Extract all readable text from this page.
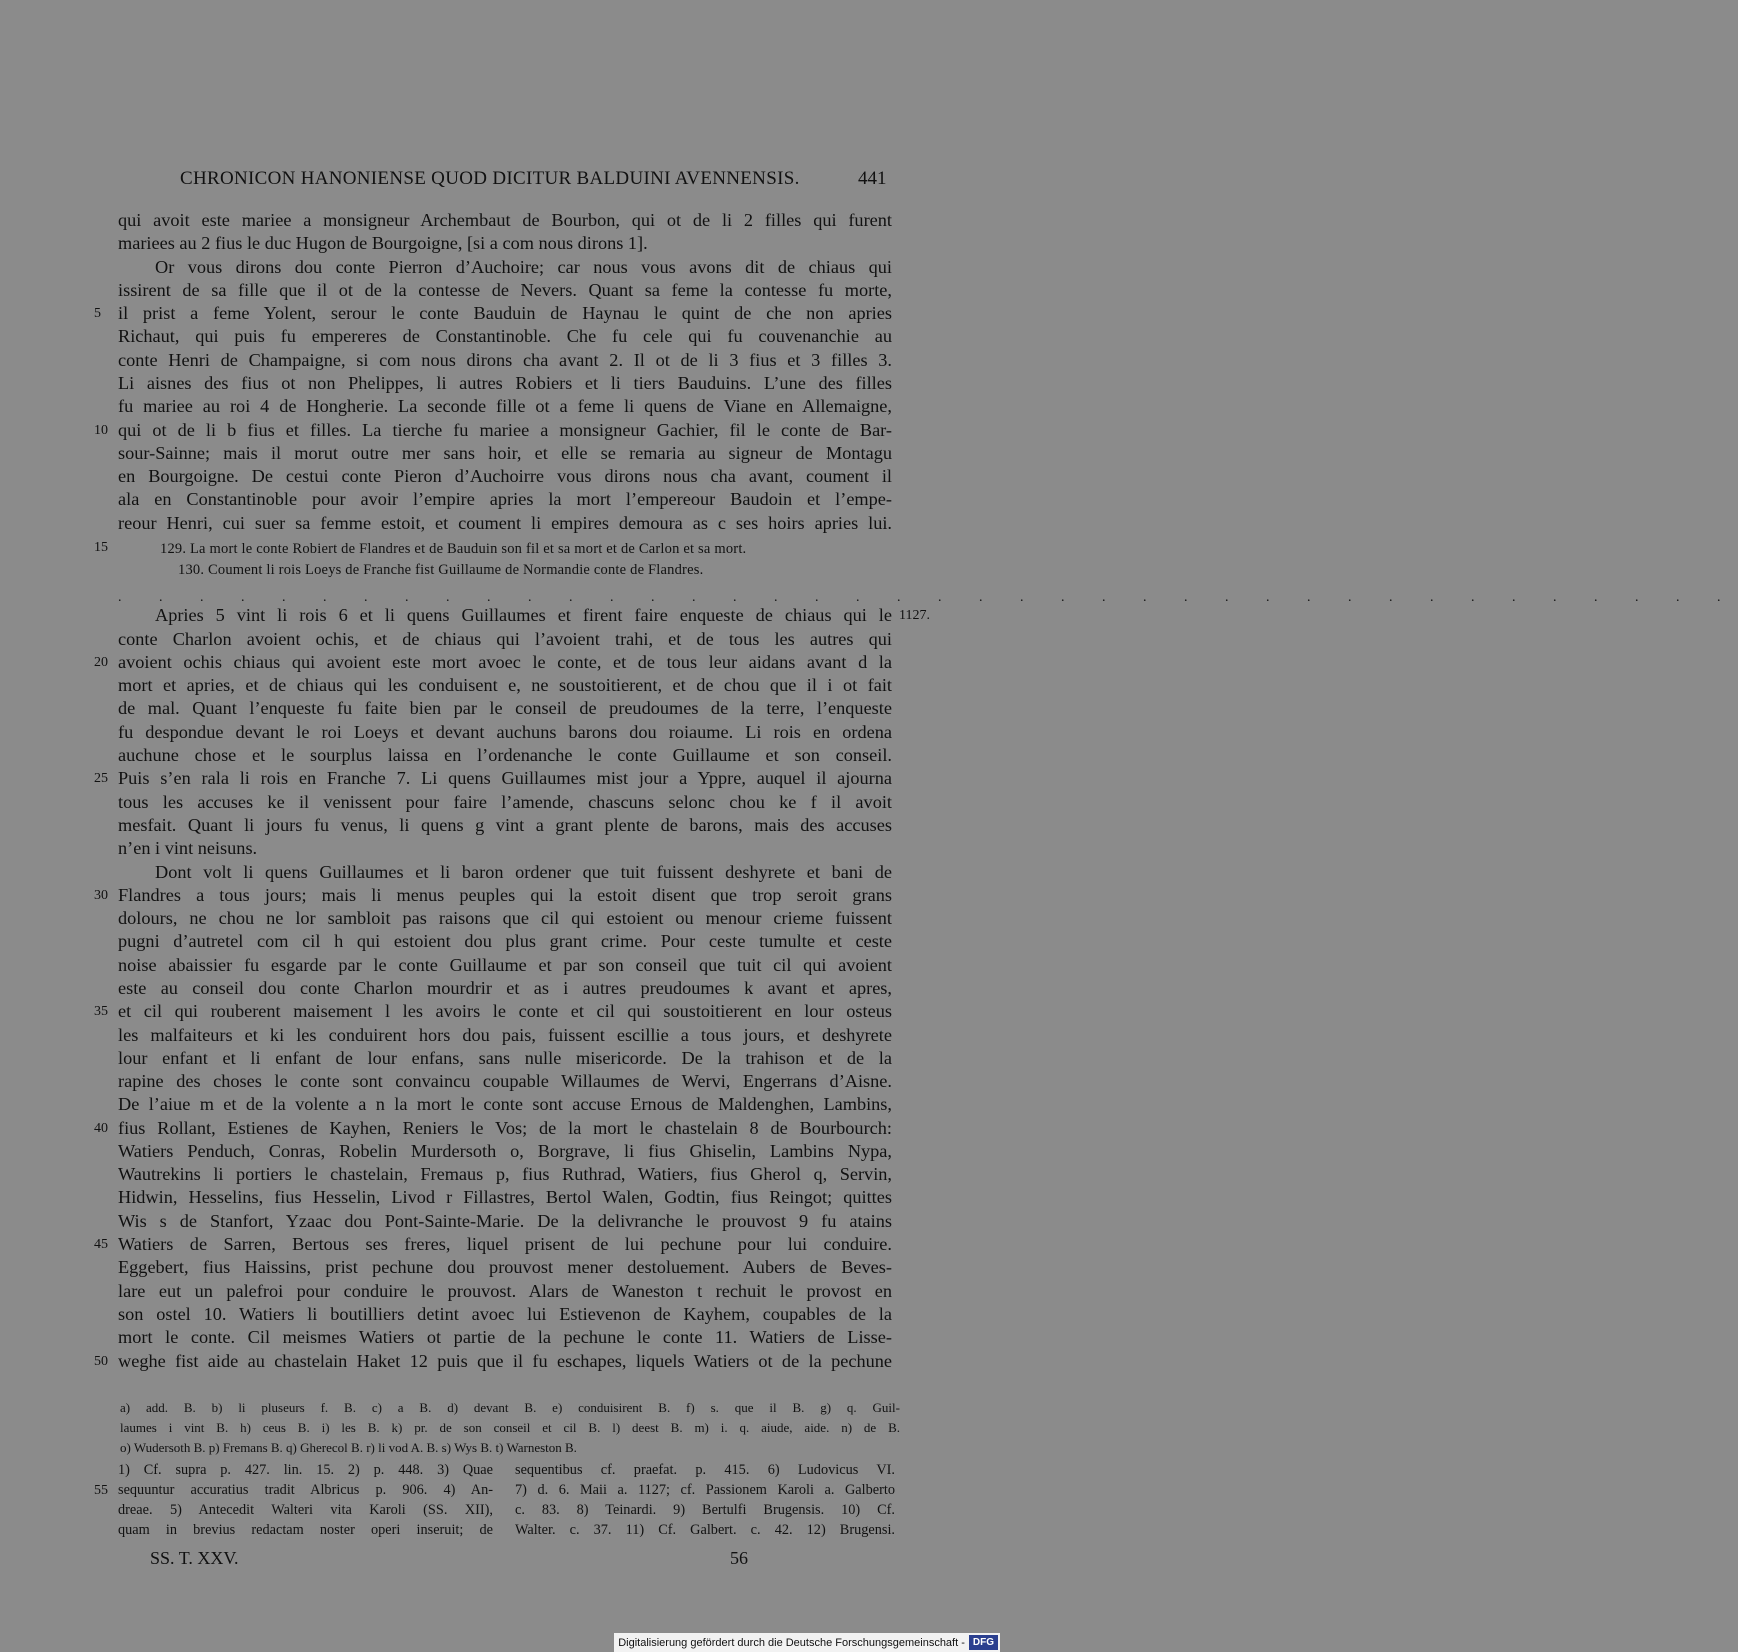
CHRONICON HANONIENSE QUOD DICITUR BALDUINI AVENNENSIS.	441
qui avoit este mariee a monsigneur Archembaut de Bourbon, qui ot de li 2 filles qui furent
mariees au 2 fius le duc Hugon de Bourgoigne, [si a com nous dirons 1].
Or vous dirons dou conte Pierron d’Auchoire; car nous vous avons dit de chiaus qui
issirent de sa fille que il ot de la contesse de Nevers. Quant sa feme la contesse fu morte,
il prist a feme Yolent, serour le conte Bauduin de Haynau le quint de che non apries
Richaut, qui puis fu empereres de Constantinoble. Che fu cele qui fu couvenanchie au
conte Henri de Champaigne, si com nous dirons cha avant 2. Il ot de li 3 fius et 3 filles 3.
Li aisnes des fius ot non Phelippes, li autres Robiers et li tiers Bauduins. L’une des filles
fu mariee au roi 4 de Hongherie. La seconde fille ot a feme li quens de Viane en Allemaigne,
qui ot de li b fius et filles. La tierche fu mariee a monsigneur Gachier, fil le conte de Bar-
sour-Sainne; mais il morut outre mer sans hoir, et elle se remaria au signeur de Montagu
en Bourgoigne. De cestui conte Pieron d’Auchoirre vous dirons nous cha avant, coument il
ala en Constantinoble pour avoir l’empire apries la mort l’empereour Baudoin et l’empe-
reour Henri, cui suer sa femme estoit, et coument li empires demoura as c ses hoirs apries lui.
129. La mort le conte Robiert de Flandres et de Bauduin son fil et sa mort et de Carlon et sa mort.
130. Coument li rois Loeys de Franche fist Guillaume de Normandie conte de Flandres.
. . . . . . . . . . . . . . . . . . . . . . . . . . . . . . . . . . . . . . . .
Apries 5 vint li rois 6 et li quens Guillaumes et firent faire enqueste de chiaus qui le
conte Charlon avoient ochis, et de chiaus qui l’avoient trahi, et de tous les autres qui
avoient ochis chiaus qui avoient este mort avoec le conte, et de tous leur aidans avant d la
mort et apries, et de chiaus qui les conduisent e, ne soustoitierent, et de chou que il i ot fait
de mal. Quant l’enqueste fu faite bien par le conseil de preudoumes de la terre, l’enqueste
fu despondue devant le roi Loeys et devant auchuns barons dou roiaume. Li rois en ordena
auchune chose et le sourplus laissa en l’ordenanche le conte Guillaume et son conseil.
Puis s’en rala li rois en Franche 7. Li quens Guillaumes mist jour a Yppre, auquel il ajourna
tous les accuses ke il venissent pour faire l’amende, chascuns selonc chou ke f il avoit
mesfait. Quant li jours fu venus, li quens g vint a grant plente de barons, mais des accuses
n’en i vint neisuns.
Dont volt li quens Guillaumes et li baron ordener que tuit fuissent deshyrete et bani de
Flandres a tous jours; mais li menus peuples qui la estoit disent que trop seroit grans
dolours, ne chou ne lor sambloit pas raisons que cil qui estoient ou menour crieme fuissent
pugni d’autretel com cil h qui estoient dou plus grant crime. Pour ceste tumulte et ceste
noise abaissier fu esgarde par le conte Guillaume et par son conseil que tuit cil qui avoient
este au conseil dou conte Charlon mourdrir et as i autres preudoumes k avant et apres,
et cil qui rouberent maisement l les avoirs le conte et cil qui soustoitierent en lour osteus
les malfaiteurs et ki les conduirent hors dou pais, fuissent escillie a tous jours, et deshyrete
lour enfant et li enfant de lour enfans, sans nulle misericorde. De la trahison et de la
rapine des choses le conte sont convaincu coupable Willaumes de Wervi, Engerrans d’Aisne.
De l’aiue m et de la volente a n la mort le conte sont accuse Ernous de Maldenghen, Lambins,
fius Rollant, Estienes de Kayhen, Reniers le Vos; de la mort le chastelain 8 de Bourbourch:
Watiers Penduch, Conras, Robelin Murdersoth o, Borgrave, li fius Ghiselin, Lambins Nypa,
Wautrekins li portiers le chastelain, Fremaus p, fius Ruthrad, Watiers, fius Gherol q, Servin,
Hidwin, Hesselins, fius Hesselin, Livod r Fillastres, Bertol Walen, Godtin, fius Reingot; quittes
Wis s de Stanfort, Yzaac dou Pont-Sainte-Marie. De la delivranche le prouvost 9 fu atains
Watiers de Sarren, Bertous ses freres, liquel prisent de lui pechune pour lui conduire.
Eggebert, fius Haissins, prist pechune dou prouvost mener destoluement. Aubers de Beves-
lare eut un palefroi pour conduire le prouvost. Alars de Waneston t rechuit le provost en
son ostel 10. Watiers li boutilliers detint avoec lui Estievenon de Kayhem, coupables de la
mort le conte. Cil meismes Watiers ot partie de la pechune le conte 11. Watiers de Lisse-
weghe fist aide au chastelain Haket 12 puis que il fu eschapes, liquels Watiers ot de la pechune
5
10
15
20
25
30
35
40
45
50
55
1127.
a) add. B. b) li pluseurs f. B. c) a B. d) devant B. e) conduisirent B. f) s. que il B. g) q. Guil-
laumes i vint B. h) ceus B. i) les B. k) pr. de son conseil et cil B. l) deest B. m) i. q. aiude, aide. n) de B.
o) Wudersoth B. p) Fremans B. q) Gherecol B. r) li vod A. B. s) Wys B. t) Warneston B.
1) Cf. supra p. 427. lin. 15. 2) p. 448. 3) Quae
sequuntur accuratius tradit Albricus p. 906. 4) An-
dreae. 5) Antecedit Walteri vita Karoli (SS. XII),
quam in brevius redactam noster operi inseruit; de
sequentibus cf. praefat. p. 415. 6) Ludovicus VI.
7) d. 6. Maii a. 1127; cf. Passionem Karoli a. Galberto
c. 83. 8) Teinardi. 9) Bertulfi Brugensis. 10) Cf.
Walter. c. 37. 11) Cf. Galbert. c. 42. 12) Brugensi.
SS. T. XXV.	56
Digitalisierung gefördert durch die Deutsche Forschungsgemeinschaft - DFG
